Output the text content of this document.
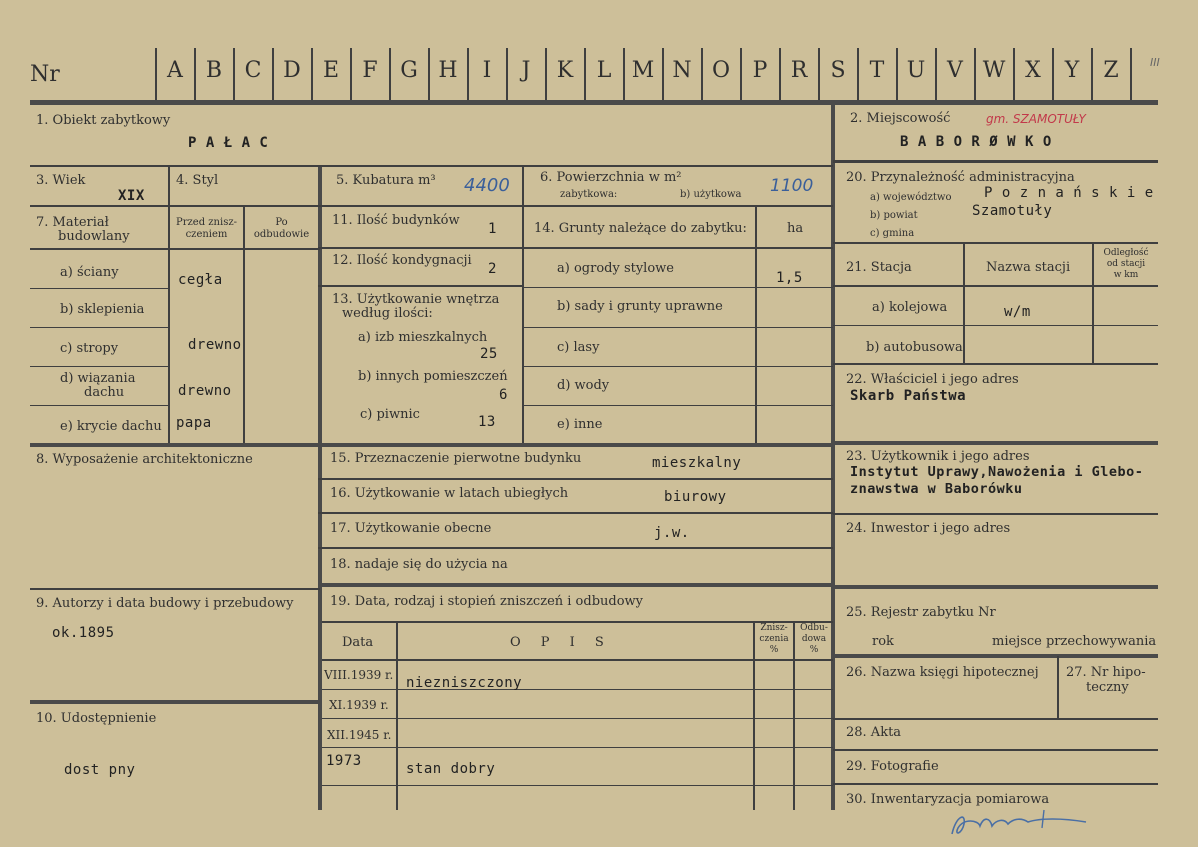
Nr	A	B	C D	E	F	G H	I	J	K	L M N O	P	R	S	T	U V W X	Y	Z	III
1. Obiekt zabytkowy
P A Ł A C
3. Wiek
XIX
4. Styl
7. Materiał
budowlany
Przed znisz-
czeniem
Po
odbudowie
a) ściany	cegła
b) sklepienia
c) stropy	drewno
d) wiązania
dachu	drewno
e) krycie dachu papa
8. Wyposażenie architektoniczne
9. Autorzy i data budowy i przebudowy
ok.1895
10. Udostępnienie
dost pny
5. Kubatura m³ 4400 6. Powierzchnia w m²
zabytkowa:	b) użytkowa 1100
11. Ilość budynków
1
12. Ilość kondygnacji
2
13. Użytkowanie wnętrza
według ilości:
a) izb mieszkalnych
25
b) innych pomieszczeń
6
c) piwnic	13
14. Grunty należące do zabytku:	ha
a) ogrody stylowe
1,5
b) sady i grunty uprawne
c) lasy
d) wody
e) inne
15. Przeznaczenie pierwotne budynku	mieszkalny
16. Użytkowanie w latach ubiegłych	biurowy
17. Użytkowanie obecne	j.w.
18. nadaje się do użycia na
19. Data, rodzaj i stopień zniszczeń i odbudowy
Data	O P I S
Znisz-
czenia
%
Odbu-
dowa
%
VIII.1939 r. niezniszczony
XI.1939 r.
XII.1945 r.
1973	stan dobry
2. Miejscowość	gm. SZAMOTUŁY
B A B O R Ø W K O
20. Przynależność administracyjna
a) województwo P o z n a ń s k i e
b) powiat	Szamotuły
c) gmina
21. Stacja	Nazwa stacji
Odległość
od stacji
w km
a) kolejowa	w/m
b) autobusowa
22. Właściciel i jego adres
Skarb Państwa
23. Użytkownik i jego adres
Instytut Uprawy,Nawożenia i Glebo-
znawstwa w Baborówku
24. Inwestor i jego adres
25. Rejestr zabytku Nr
rok	miejsce przechowywania
26. Nazwa księgi hipotecznej 27. Nr hipo-
teczny
28. Akta
29. Fotografie
30. Inwentaryzacja pomiarowa
